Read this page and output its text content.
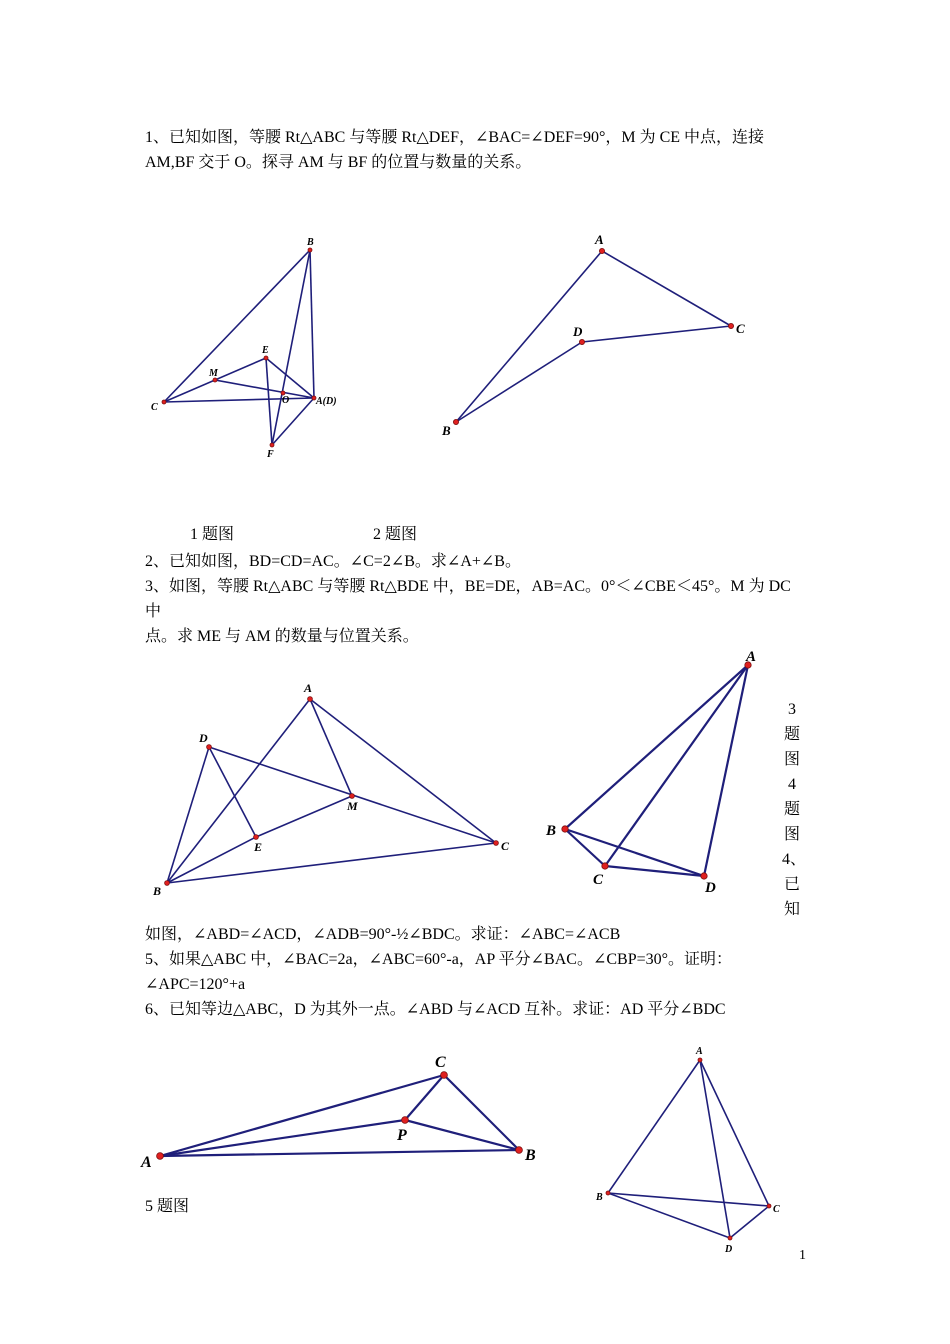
1、已知如图，等腰 Rt△ABC 与等腰 Rt△DEF，∠BAC=∠DEF=90°，M 为 CE 中点，连接
AM,BF 交于 O。探寻 AM 与 BF 的位置与数量的关系。
B
E
M
C
O	A(D)
F
A
D	C
B
1 题图	2 题图
2、已知如图，BD=CD=AC。∠C=2∠B。求∠A+∠B。
3、如图，等腰 Rt△ABC 与等腰 Rt△BDE 中，BE=DE，AB=AC。0°＜∠CBE＜45°。M 为 DC 中
点。求 ME 与 AM 的数量与位置关系。
A
D
M
E	C
B
A
B
C	D
3
题
图
4
题
图
4、
已
知
如图，∠ABD=∠ACD，∠ADB=90°-½∠BDC。求证：∠ABC=∠ACB
5、如果△ABC 中，∠BAC=2a，∠ABC=60°-a，AP 平分∠BAC。∠CBP=30°。证明：
∠APC=120°+a
6、已知等边△ABC，D 为其外一点。∠ABD 与∠ACD 互补。求证：AD 平分∠BDC
C
P
A	B
5 题图
A
B
C
D	1
